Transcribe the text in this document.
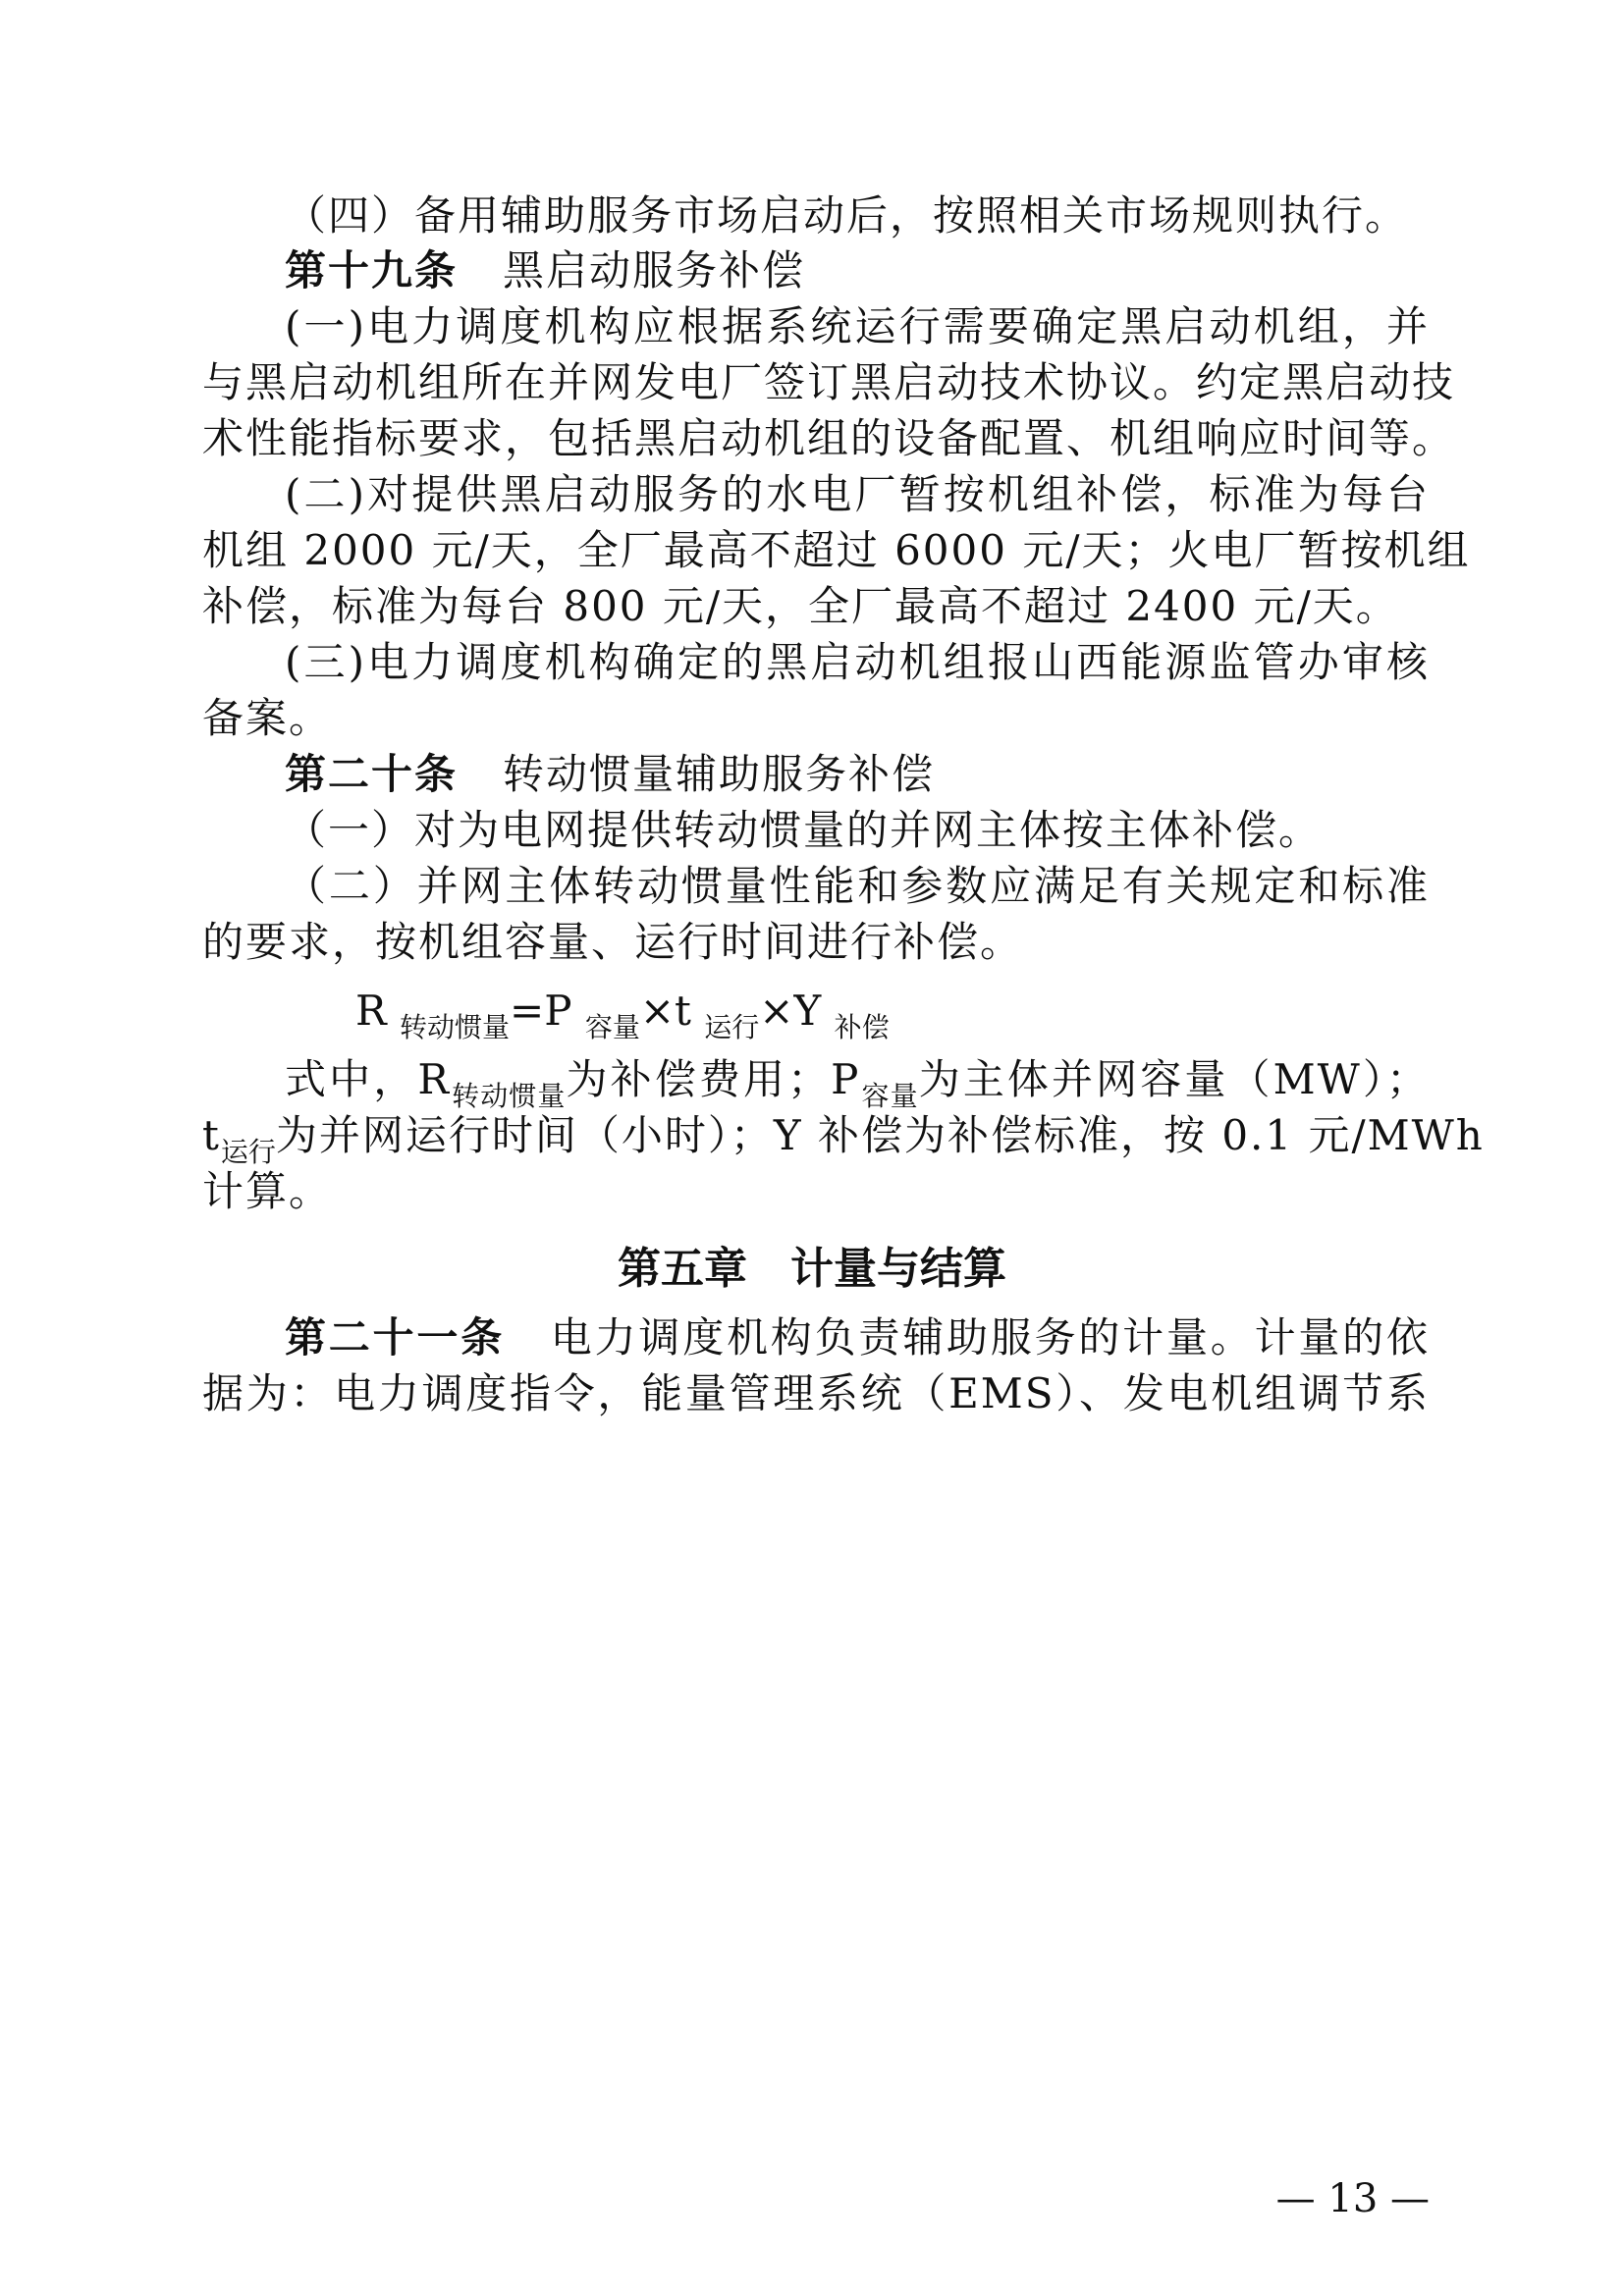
（四）备用辅助服务市场启动后，按照相关市场规则执行。
第十九条 黑启动服务补偿
(一)电力调度机构应根据系统运行需要确定黑启动机组，并
与黑启动机组所在并网发电厂签订黑启动技术协议。约定黑启动技
术性能指标要求，包括黑启动机组的设备配置、机组响应时间等。
(二)对提供黑启动服务的水电厂暂按机组补偿，标准为每台
机组 2000 元/天，全厂最高不超过 6000 元/天；火电厂暂按机组
补偿，标准为每台 800 元/天，全厂最高不超过 2400 元/天。
(三)电力调度机构确定的黑启动机组报山西能源监管办审核
备案。
第二十条 转动惯量辅助服务补偿
（一）对为电网提供转动惯量的并网主体按主体补偿。
（二）并网主体转动惯量性能和参数应满足有关规定和标准
的要求，按机组容量、运行时间进行补偿。
R $_{转动惯量}$=P $_{容量}$×t $_{运行}$×Y $_{补偿}$
式中，$R_{转动惯量}$为补偿费用；$P_{容量}$为主体并网容量（MW）；
$t_{运行}$为并网运行时间（小时）；Y 补偿为补偿标准，按 0.1 元/MWh
计算。
第五章　计量与结算
第二十一条 电力调度机构负责辅助服务的计量。计量的依
据为：电力调度指令，能量管理系统（EMS）、发电机组调节系
— 13 —
